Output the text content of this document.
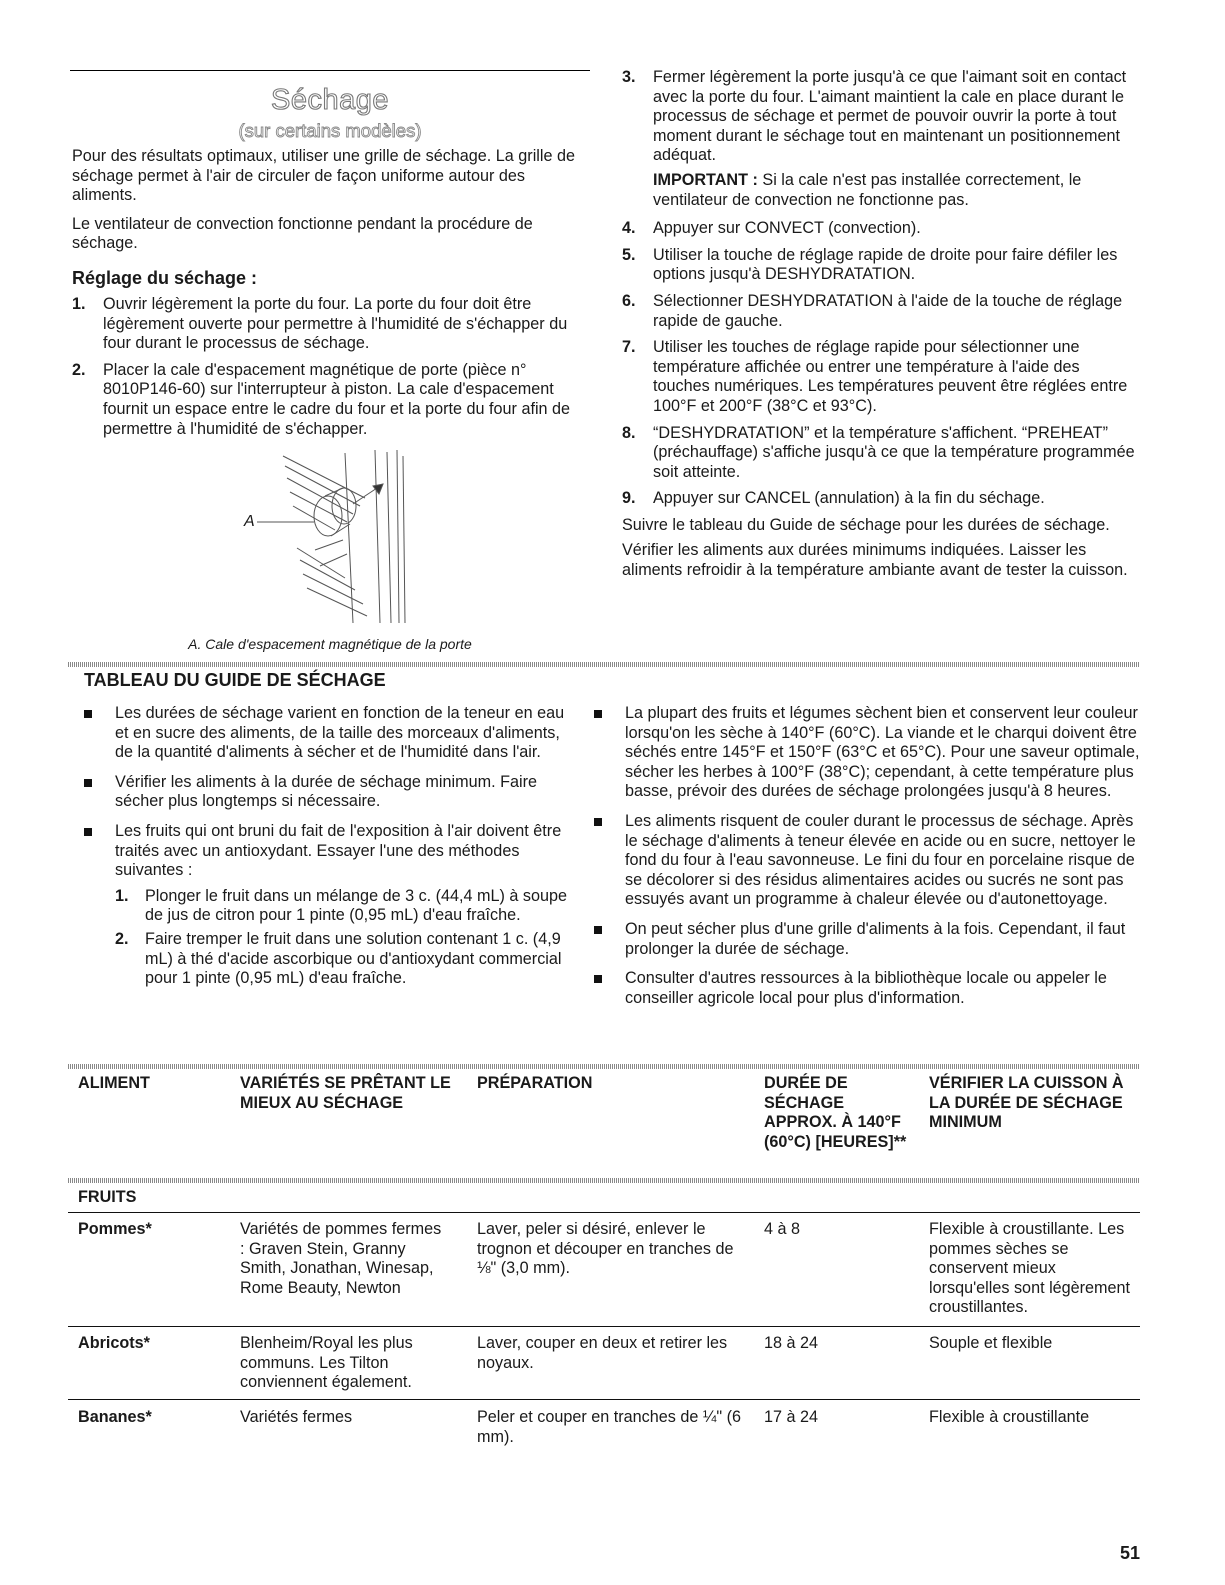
Séchage
(sur certains modèles)

Pour des résultats optimaux, utiliser une grille de séchage. La grille de séchage permet à l'air de circuler de façon uniforme autour des aliments.

Le ventilateur de convection fonctionne pendant la procédure de séchage.

Réglage du séchage :
1.	Ouvrir légèrement la porte du four. La porte du four doit être légèrement ouverte pour permettre à l'humidité de s'échapper du four durant le processus de séchage.
2.	Placer la cale d'espacement magnétique de porte (pièce n° 8010P146-60) sur l'interrupteur à piston. La cale d'espacement fournit un espace entre le cadre du four et la porte du four afin de permettre à l'humidité de s'échapper.
A
A. Cale d'espacement magnétique de la porte
3.	Fermer légèrement la porte jusqu'à ce que l'aimant soit en contact avec la porte du four. L'aimant maintient la cale en place durant le processus de séchage et permet de pouvoir ouvrir la porte à tout moment durant le séchage tout en maintenant un positionnement adéquat.

IMPORTANT : Si la cale n'est pas installée correctement, le ventilateur de convection ne fonctionne pas.

4.	Appuyer sur CONVECT (convection).
5.	Utiliser la touche de réglage rapide de droite pour faire défiler les options jusqu'à DESHYDRATATION.
6.	Sélectionner DESHYDRATATION à l'aide de la touche de réglage rapide de gauche.
7.	Utiliser les touches de réglage rapide pour sélectionner une température affichée ou entrer une température à l'aide des touches numériques. Les températures peuvent être réglées entre 100°F et 200°F (38°C et 93°C).
8.	“DESHYDRATATION” et la température s'affichent. “PREHEAT” (préchauffage) s'affiche jusqu'à ce que la température programmée soit atteinte.
9.	Appuyer sur CANCEL (annulation) à la fin du séchage.

Suivre le tableau du Guide de séchage pour les durées de séchage.

Vérifier les aliments aux durées minimums indiquées. Laisser les aliments refroidir à la température ambiante avant de tester la cuisson.

TABLEAU DU GUIDE DE SÉCHAGE
Les durées de séchage varient en fonction de la teneur en eau et en sucre des aliments, de la taille des morceaux d'aliments, de la quantité d'aliments à sécher et de l'humidité dans l'air.
Vérifier les aliments à la durée de séchage minimum. Faire sécher plus longtemps si nécessaire.
Les fruits qui ont bruni du fait de l'exposition à l'air doivent être traités avec un antioxydant. Essayer l'une des méthodes suivantes :
1. Plonger le fruit dans un mélange de 3 c. (44,4 mL) à soupe de jus de citron pour 1 pinte (0,95 mL) d'eau fraîche.
2. Faire tremper le fruit dans une solution contenant 1 c. (4,9 mL) à thé d'acide ascorbique ou d'antioxydant commercial pour 1 pinte (0,95 mL) d'eau fraîche.
La plupart des fruits et légumes sèchent bien et conservent leur couleur lorsqu'on les sèche à 140°F (60°C). La viande et le charqui doivent être séchés entre 145°F et 150°F (63°C et 65°C). Pour une saveur optimale, sécher les herbes à 100°F (38°C); cependant, à cette température plus basse, prévoir des durées de séchage prolongées jusqu'à 8 heures.
Les aliments risquent de couler durant le processus de séchage. Après le séchage d'aliments à teneur élevée en acide ou en sucre, nettoyer le fond du four à l'eau savonneuse. Le fini du four en porcelaine risque de se décolorer si des résidus alimentaires acides ou sucrés ne sont pas essuyés avant un programme à chaleur élevée ou d'autonettoyage.
On peut sécher plus d'une grille d'aliments à la fois. Cependant, il faut prolonger la durée de séchage.
Consulter d'autres ressources à la bibliothèque locale ou appeler le conseiller agricole local pour plus d'information.
ALIMENT	VARIÉTÉS SE PRÊTANT LE MIEUX AU SÉCHAGE	PRÉPARATION	DURÉE DE SÉCHAGE APPROX. À 140°F (60°C) [HEURES]**	VÉRIFIER LA CUISSON À LA DURÉE DE SÉCHAGE MINIMUM
FRUITS
Pommes*	Variétés de pommes fermes : Graven Stein, Granny Smith, Jonathan, Winesap, Rome Beauty, Newton	Laver, peler si désiré, enlever le trognon et découper en tranches de ⅛" (3,0 mm).	4 à 8	Flexible à croustillante. Les pommes sèches se conservent mieux lorsqu'elles sont légèrement croustillantes.
Abricots*	Blenheim/Royal les plus communs. Les Tilton conviennent également.	Laver, couper en deux et retirer les noyaux.	18 à 24	Souple et flexible
Bananes*	Variétés fermes	Peler et couper en tranches de ¼" (6 mm).	17 à 24	Flexible à croustillante
51
